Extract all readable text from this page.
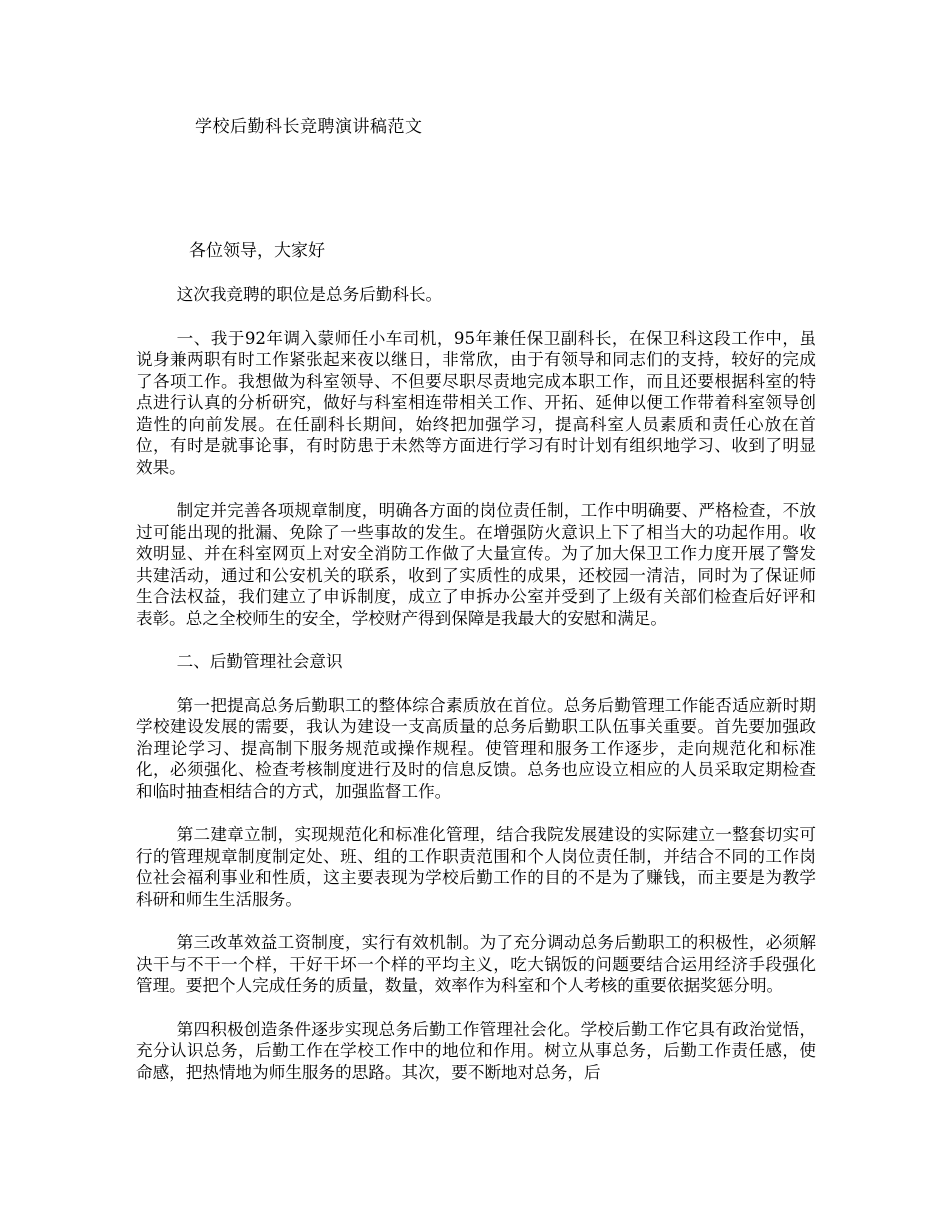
学校后勤科长竞聘演讲稿范文
各位领导，大家好

这次我竞聘的职位是总务后勤科长。

一、我于92年调入蒙师任小车司机，95年兼任保卫副科长，在保卫科这段工作中，虽说身兼两职有时工作紧张起来夜以继日，非常欣，由于有领导和同志们的支持，较好的完成了各项工作。我想做为科室领导、不但要尽职尽责地完成本职工作，而且还要根据科室的特点进行认真的分析研究，做好与科室相连带相关工作、开拓、延伸以便工作带着科室领导创造性的向前发展。在任副科长期间，始终把加强学习，提高科室人员素质和责任心放在首位，有时是就事论事，有时防患于未然等方面进行学习有时计划有组织地学习、收到了明显效果。

制定并完善各项规章制度，明确各方面的岗位责任制，工作中明确要、严格检查，不放过可能出现的批漏、免除了一些事故的发生。在增强防火意识上下了相当大的功起作用。收效明显、并在科室网页上对安全消防工作做了大量宣传。为了加大保卫工作力度开展了警发共建活动，通过和公安机关的联系，收到了实质性的成果，还校园一清洁，同时为了保证师生合法权益，我们建立了申诉制度，成立了申拆办公室并受到了上级有关部们检查后好评和表彰。总之全校师生的安全，学校财产得到保障是我最大的安慰和满足。

二、后勤管理社会意识

第一把提高总务后勤职工的整体综合素质放在首位。总务后勤管理工作能否适应新时期学校建设发展的需要，我认为建设一支高质量的总务后勤职工队伍事关重要。首先要加强政治理论学习、提高制下服务规范或操作规程。使管理和服务工作逐步，走向规范化和标准化，必须强化、检查考核制度进行及时的信息反馈。总务也应设立相应的人员采取定期检查和临时抽查相结合的方式，加强监督工作。

第二建章立制，实现规范化和标准化管理，结合我院发展建设的实际建立一整套切实可行的管理规章制度制定处、班、组的工作职责范围和个人岗位责任制，并结合不同的工作岗位社会福利事业和性质，这主要表现为学校后勤工作的目的不是为了赚钱，而主要是为教学科研和师生生活服务。

第三改革效益工资制度，实行有效机制。为了充分调动总务后勤职工的积极性，必须解决干与不干一个样，干好干坏一个样的平均主义，吃大锅饭的问题要结合运用经济手段强化管理。要把个人完成任务的质量，数量，效率作为科室和个人考核的重要依据奖惩分明。

第四积极创造条件逐步实现总务后勤工作管理社会化。学校后勤工作它具有政治觉悟，充分认识总务，后勤工作在学校工作中的地位和作用。树立从事总务，后勤工作责任感，使命感，把热情地为师生服务的思路。其次，要不断地对总务，后
